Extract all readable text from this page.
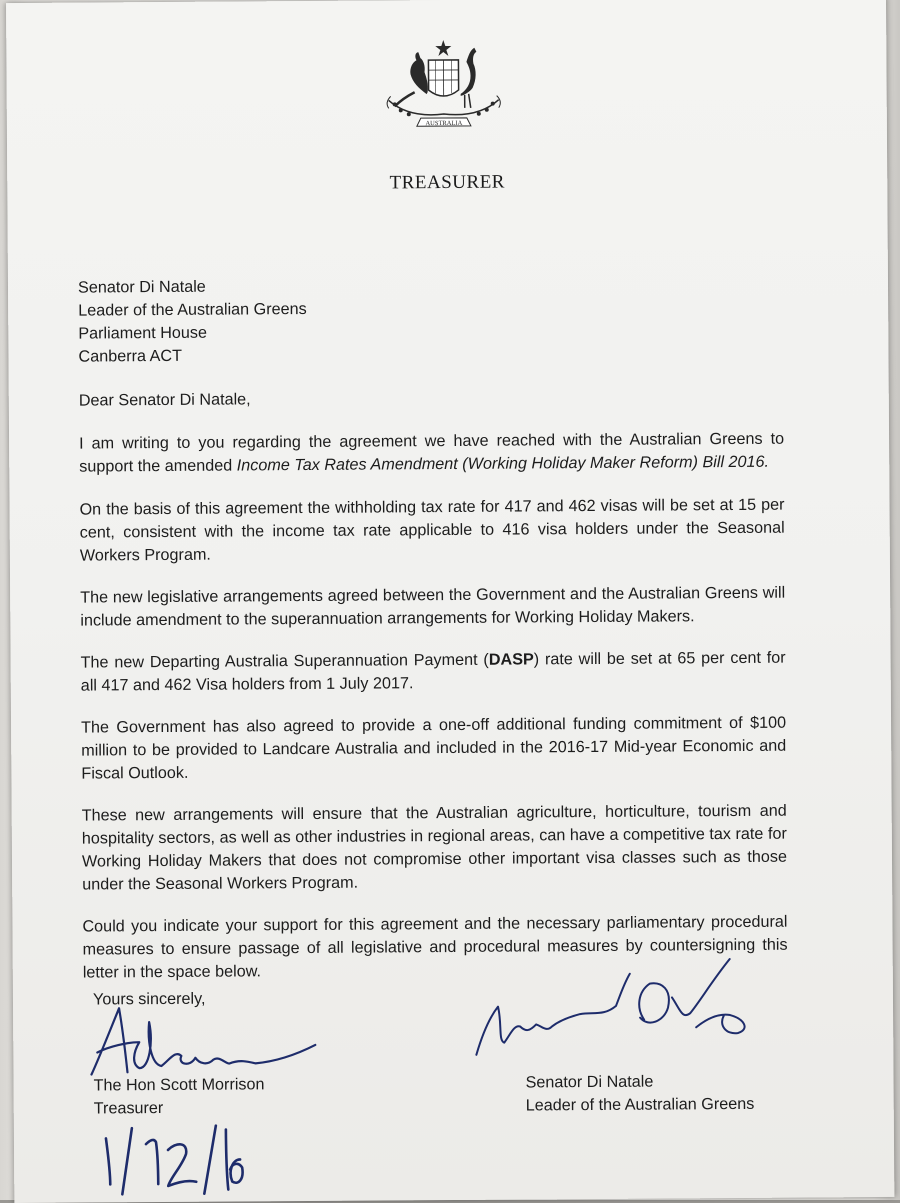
AUSTRALIA
TREASURER
Senator Di Natale
Leader of the Australian Greens
Parliament House
Canberra ACT
Dear Senator Di Natale,

I am writing to you regarding the agreement we have reached with the Australian Greens to support the amended Income Tax Rates Amendment (Working Holiday Maker Reform) Bill 2016.

On the basis of this agreement the withholding tax rate for 417 and 462 visas will be set at 15 per cent, consistent with the income tax rate applicable to 416 visa holders under the Seasonal Workers Program.

The new legislative arrangements agreed between the Government and the Australian Greens will include amendment to the superannuation arrangements for Working Holiday Makers.

The new Departing Australia Superannuation Payment (DASP) rate will be set at 65 per cent for all 417 and 462 Visa holders from 1 July 2017.

The Government has also agreed to provide a one-off additional funding commitment of $100 million to be provided to Landcare Australia and included in the 2016-17 Mid-year Economic and Fiscal Outlook.

These new arrangements will ensure that the Australian agriculture, horticulture, tourism and hospitality sectors, as well as other industries in regional areas, can have a competitive tax rate for Working Holiday Makers that does not compromise other important visa classes such as those under the Seasonal Workers Program.

Could you indicate your support for this agreement and the necessary parliamentary procedural measures to ensure passage of all legislative and procedural measures by countersigning this letter in the space below.

Yours sincerely,
The Hon Scott Morrison
Treasurer
Senator Di Natale
Leader of the Australian Greens
